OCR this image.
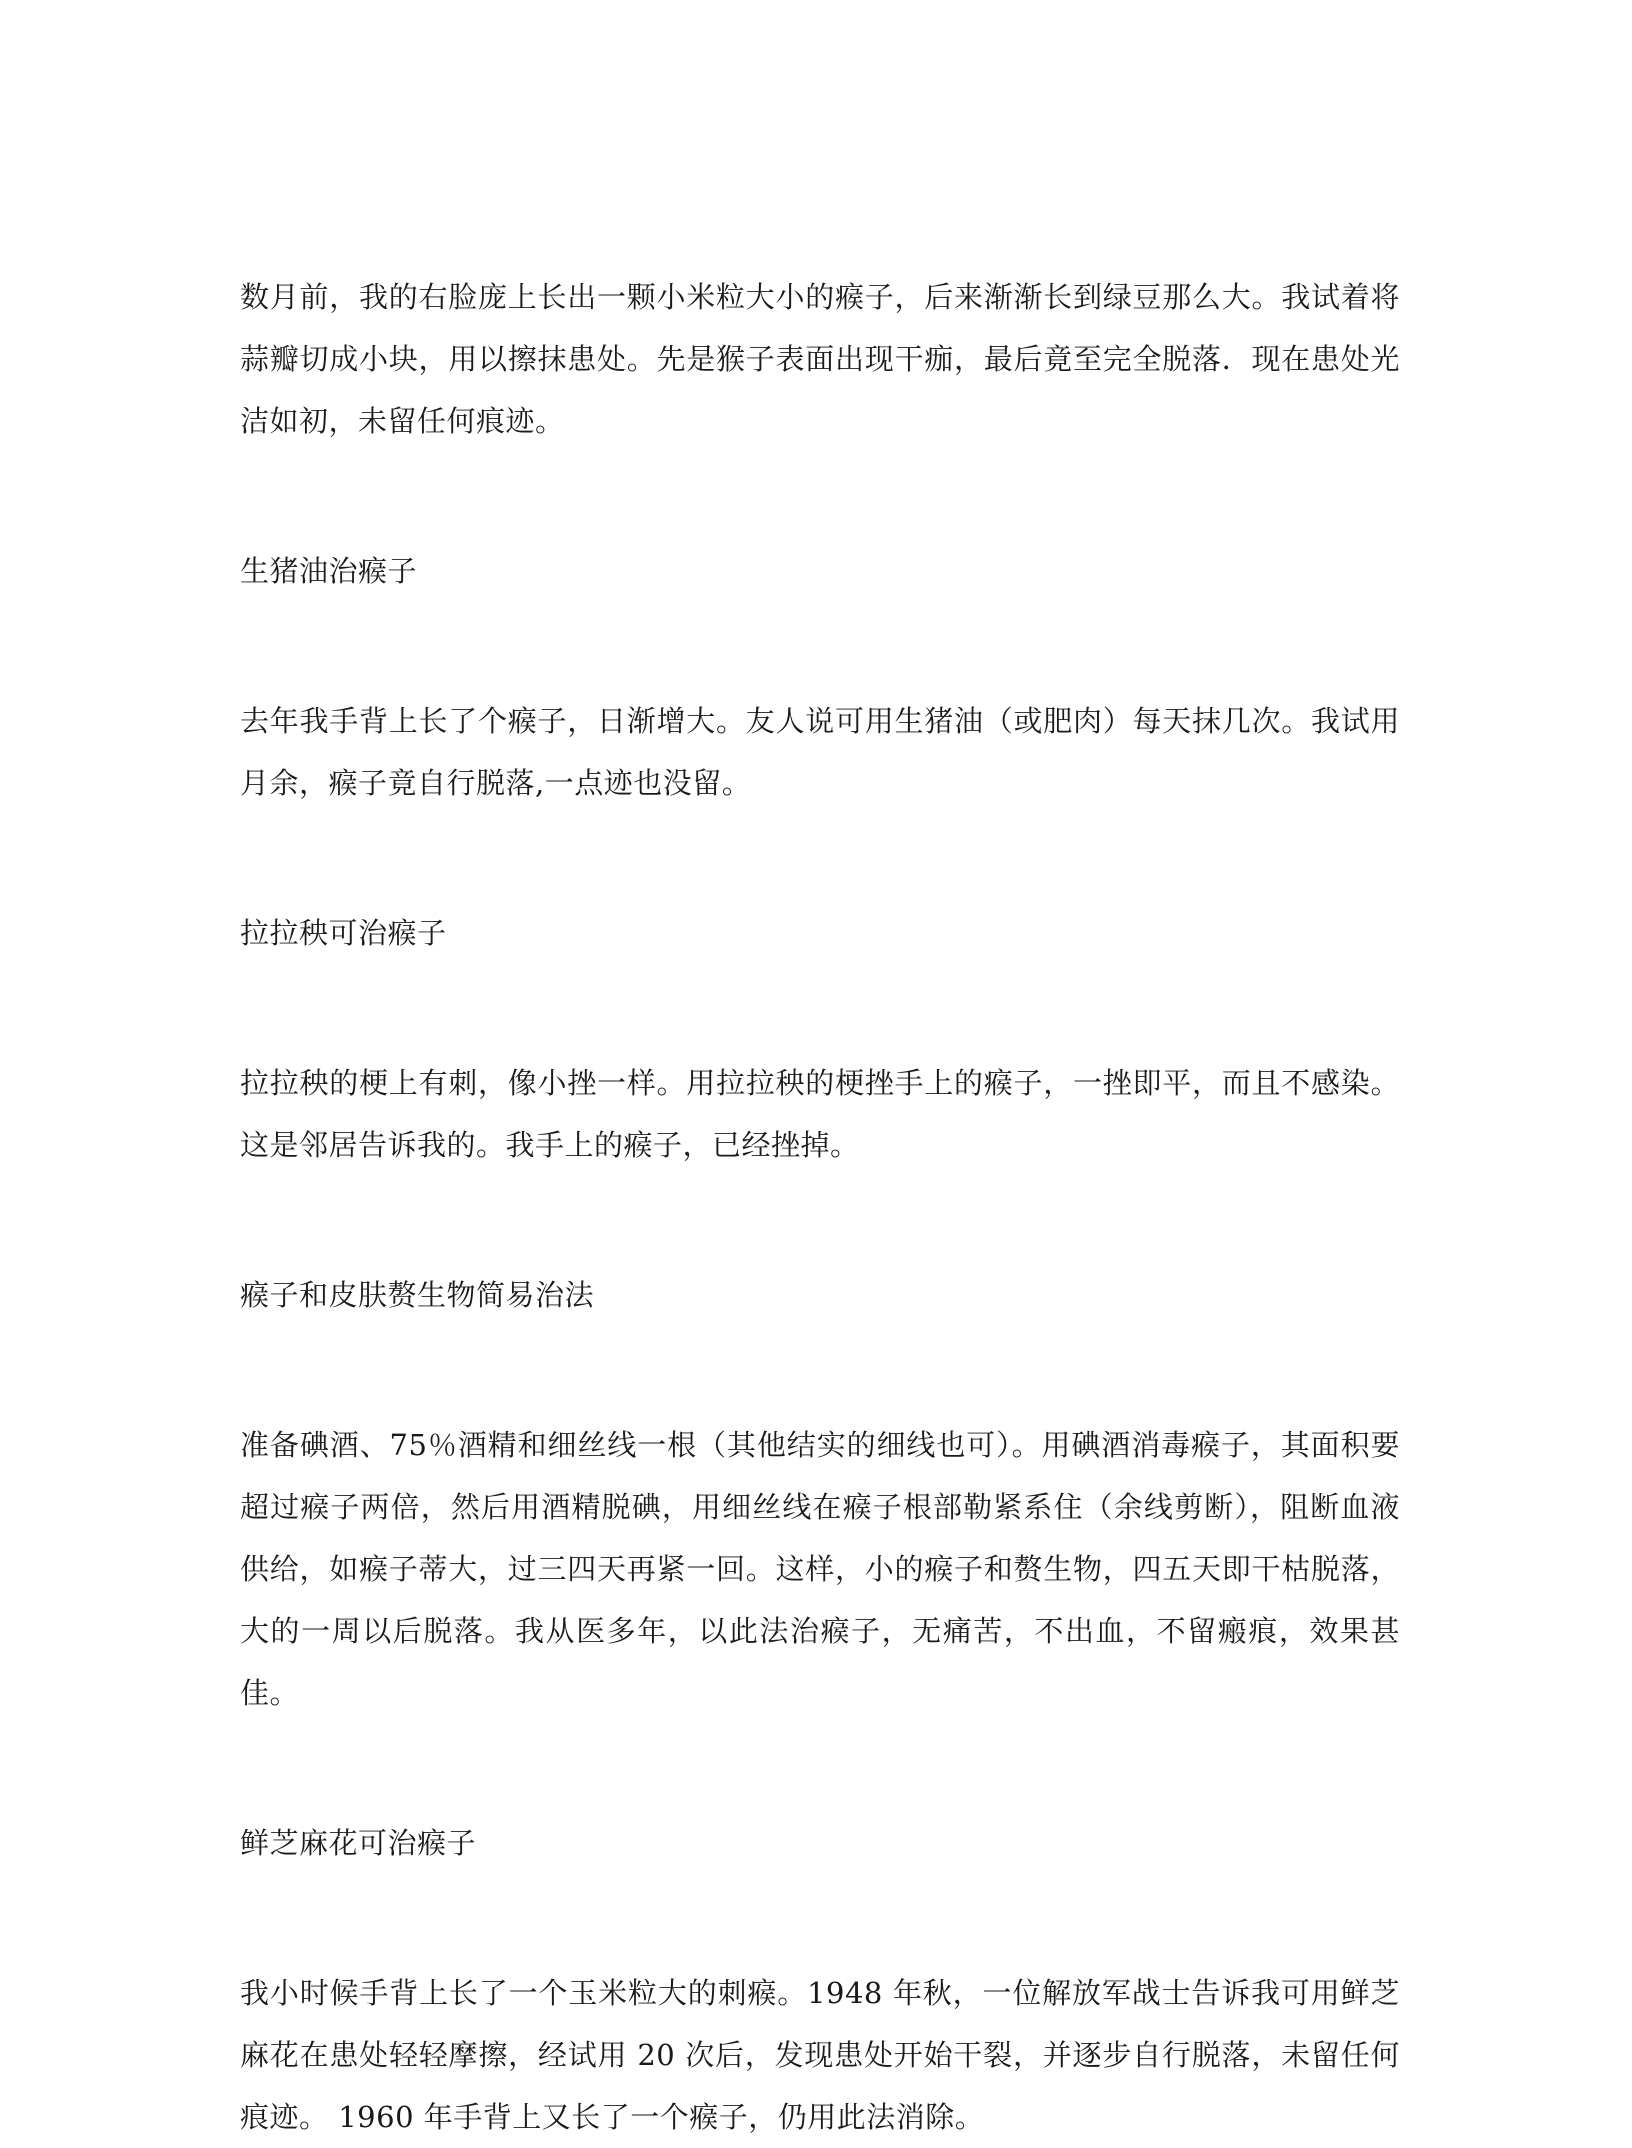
数月前，我的右脸庞上长出一颗小米粒大小的瘊子，后来渐渐长到绿豆那么大。我试着将蒜瓣切成小块，用以擦抹患处。先是猴子表面出现干痂，最后竟至完全脱落．现在患处光洁如初，未留任何痕迹。

生猪油治瘊子

去年我手背上长了个瘊子，日渐增大。友人说可用生猪油（或肥肉）每天抹几次。我试用月余，瘊子竟自行脱落,一点迹也没留。

拉拉秧可治瘊子

拉拉秧的梗上有刺，像小挫一样。用拉拉秧的梗挫手上的瘊子，一挫即平，而且不感染。这是邻居告诉我的。我手上的瘊子，已经挫掉。

瘊子和皮肤赘生物简易治法

准备碘酒、75％酒精和细丝线一根（其他结实的细线也可）。用碘酒消毒瘊子，其面积要超过瘊子两倍，然后用酒精脱碘，用细丝线在瘊子根部勒紧系住（余线剪断），阻断血液供给，如瘊子蒂大，过三四天再紧一回。这样，小的瘊子和赘生物，四五天即干枯脱落，大的一周以后脱落。我从医多年，以此法治瘊子，无痛苦，不出血，不留瘢痕，效果甚佳。

鲜芝麻花可治瘊子

我小时候手背上长了一个玉米粒大的刺瘊。1948 年秋，一位解放军战士告诉我可用鲜芝麻花在患处轻轻摩擦，经试用 20 次后，发现患处开始干裂，并逐步自行脱落，未留任何痕迹。 1960 年手背上又长了一个瘊子，仍用此法消除。
